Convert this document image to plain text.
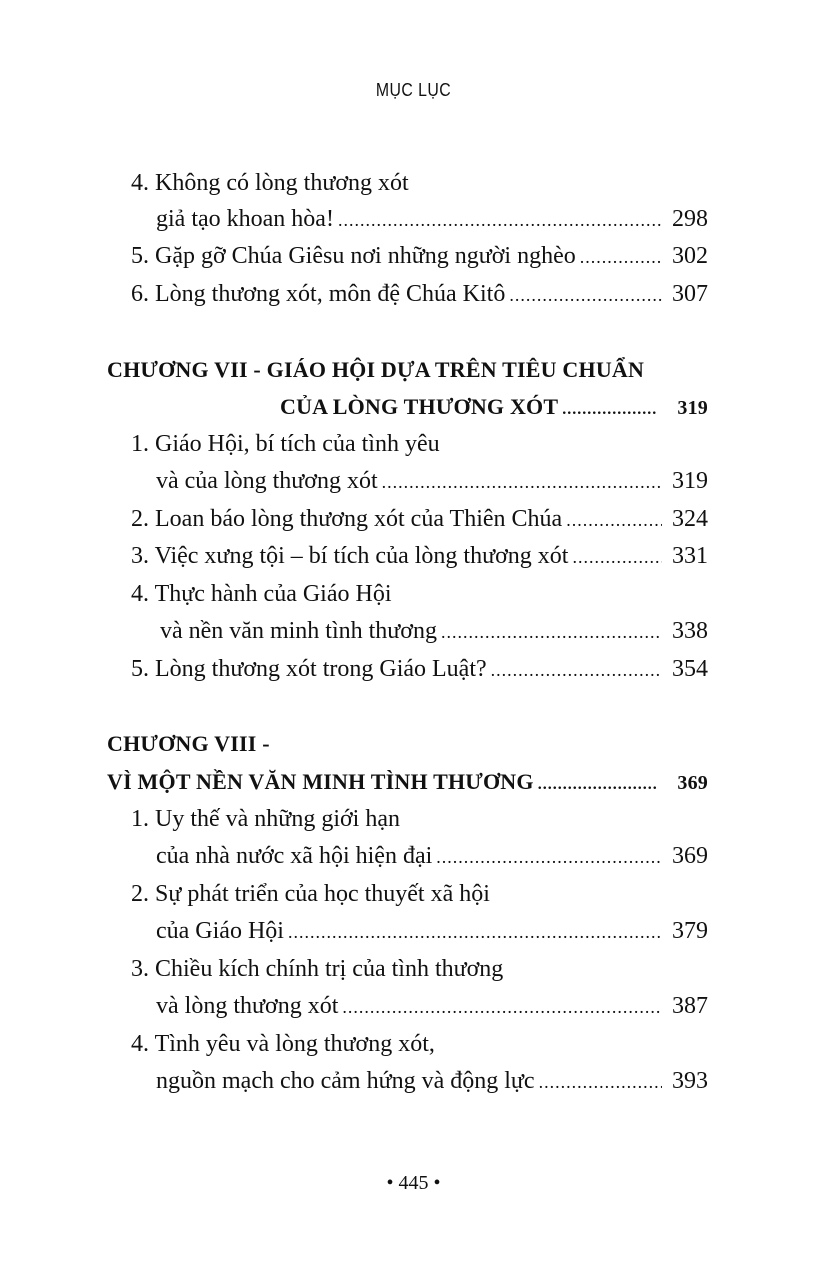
MỤC LỤC
4. Không có lòng thương xót
giả tạo khoan hòa! .....	298
5. Gặp gỡ Chúa Giêsu nơi những người nghèo .....	302
6. Lòng thương xót, môn đệ Chúa Kitô .....	307
CHƯƠNG VII - GIÁO HỘI DỰA TRÊN TIÊU CHUẨN
CỦA LÒNG THƯƠNG XÓT .....	319
1. Giáo Hội, bí tích của tình yêu
và của lòng thương xót .....	319
2. Loan báo lòng thương xót của Thiên Chúa .....	324
3. Việc xưng tội – bí tích của lòng thương xót .....	331
4. Thực hành của Giáo Hội
và nền văn minh tình thương .....	338
5. Lòng thương xót trong Giáo Luật? .....	354
CHƯƠNG VIII -
VÌ MỘT NỀN VĂN MINH TÌNH THƯƠNG .....	369
1. Uy thế và những giới hạn
của nhà nước xã hội hiện đại .....	369
2. Sự phát triển của học thuyết xã hội
của Giáo Hội .....	379
3. Chiều kích chính trị của tình thương
và lòng thương xót .....	387
4. Tình yêu và lòng thương xót,
nguồn mạch cho cảm hứng và động lực .....	393
• 445 •
